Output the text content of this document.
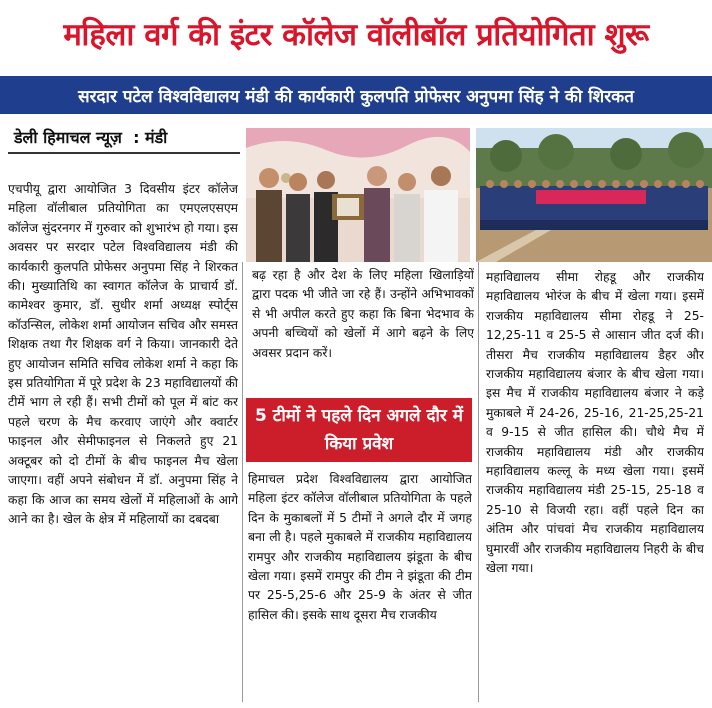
महिला वर्ग की इंटर कॉलेज वॉलीबॉल प्रतियोगिता शुरू
सरदार पटेल विश्वविद्यालय मंडी की कार्यकारी कुलपति प्रोफेसर अनुपमा सिंह ने की शिरकत
डेली हिमाचल न्यूज़  : मंडी

एचपीयू द्वारा आयोजित 3 दिवसीय इंटर कॉलेज महिला वॉलीबाल प्रतियोगिता का एमएलएसएम कॉलेज सुंदरनगर में गुरुवार को शुभारंभ हो गया। इस अवसर पर सरदार पटेल विश्वविद्यालय मंडी की कार्यकारी कुलपति प्रोफेसर अनुपमा सिंह ने शिरकत की। मुख्यातिथि का स्वागत कॉलेज के प्राचार्य डॉ. कामेश्वर कुमार, डॉ. सुधीर शर्मा अध्यक्ष स्पोर्ट्स कॉउन्सिल, लोकेश शर्मा आयोजन सचिव और समस्त शिक्षक तथा गैर शिक्षक वर्ग ने किया। जानकारी देते हुए आयोजन समिति सचिव लोकेश शर्मा ने कहा कि इस प्रतियोगिता में पूरे प्रदेश के 23 महाविद्यालयों की टीमें भाग ले रही हैं। सभी टीमों को पूल में बांट कर पहले चरण के मैच करवाए जाएंगे और क्वार्टर फाइनल और सेमीफाइनल से निकलते हुए 21 अक्टूबर को दो टीमों के बीच फाइनल मैच खेला जाएगा। वहीं अपने संबोधन में डॉ. अनुपमा सिंह ने कहा कि आज का समय खेलों में महिलाओं के आगे आने का है। खेल के क्षेत्र में महिलायों का दबदबा

बढ़ रहा है और देश के लिए महिला खिलाड़ियों द्वारा पदक भी जीते जा रहे हैं। उन्होंने अभिभावकों से भी अपील करते हुए कहा कि बिना भेदभाव के अपनी बच्चियों को खेलों में आगे बढ़ने के लिए अवसर प्रदान करें।

5 टीमों ने पहले दिन अगले दौर में किया प्रवेश

हिमाचल प्रदेश विश्वविद्यालय द्वारा आयोजित महिला इंटर कॉलेज वॉलीबाल प्रतियोगिता के पहले दिन के मुकाबलों में 5 टीमों ने अगले दौर में जगह बना ली है। पहले मुकाबले में राजकीय महाविद्यालय रामपुर और राजकीय महाविद्यालय झंडूता के बीच खेला गया। इसमें रामपुर की टीम ने झंडूता की टीम पर 25-5,25-6 और 25-9 के अंतर से जीत हासिल की। इसके साथ दूसरा मैच राजकीय

महाविद्यालय सीमा रोहडू और राजकीय महाविद्यालय भोरंज के बीच में खेला गया। इसमें राजकीय महाविद्यालय सीमा रोहडू ने 25-12,25-11 व 25-5 से आसान जीत दर्ज की। तीसरा मैच राजकीय महाविद्यालय डैहर और राजकीय महाविद्यालय बंजार के बीच खेला गया। इस मैच में राजकीय महाविद्यालय बंजार ने कड़े मुकाबले में 24-26, 25-16, 21-25,25-21 व 9-15 से जीत हासिल की। चौथे मैच में राजकीय महाविद्यालय मंडी और राजकीय महाविद्यालय कल्लू के मध्य खेला गया। इसमें राजकीय महाविद्यालय मंडी 25-15, 25-18 व 25-10 से विजयी रहा। वहीं पहले दिन का अंतिम और पांचवां मैच राजकीय महाविद्यालय घुमारवीं और राजकीय महाविद्यालय निहरी के बीच खेला गया।
